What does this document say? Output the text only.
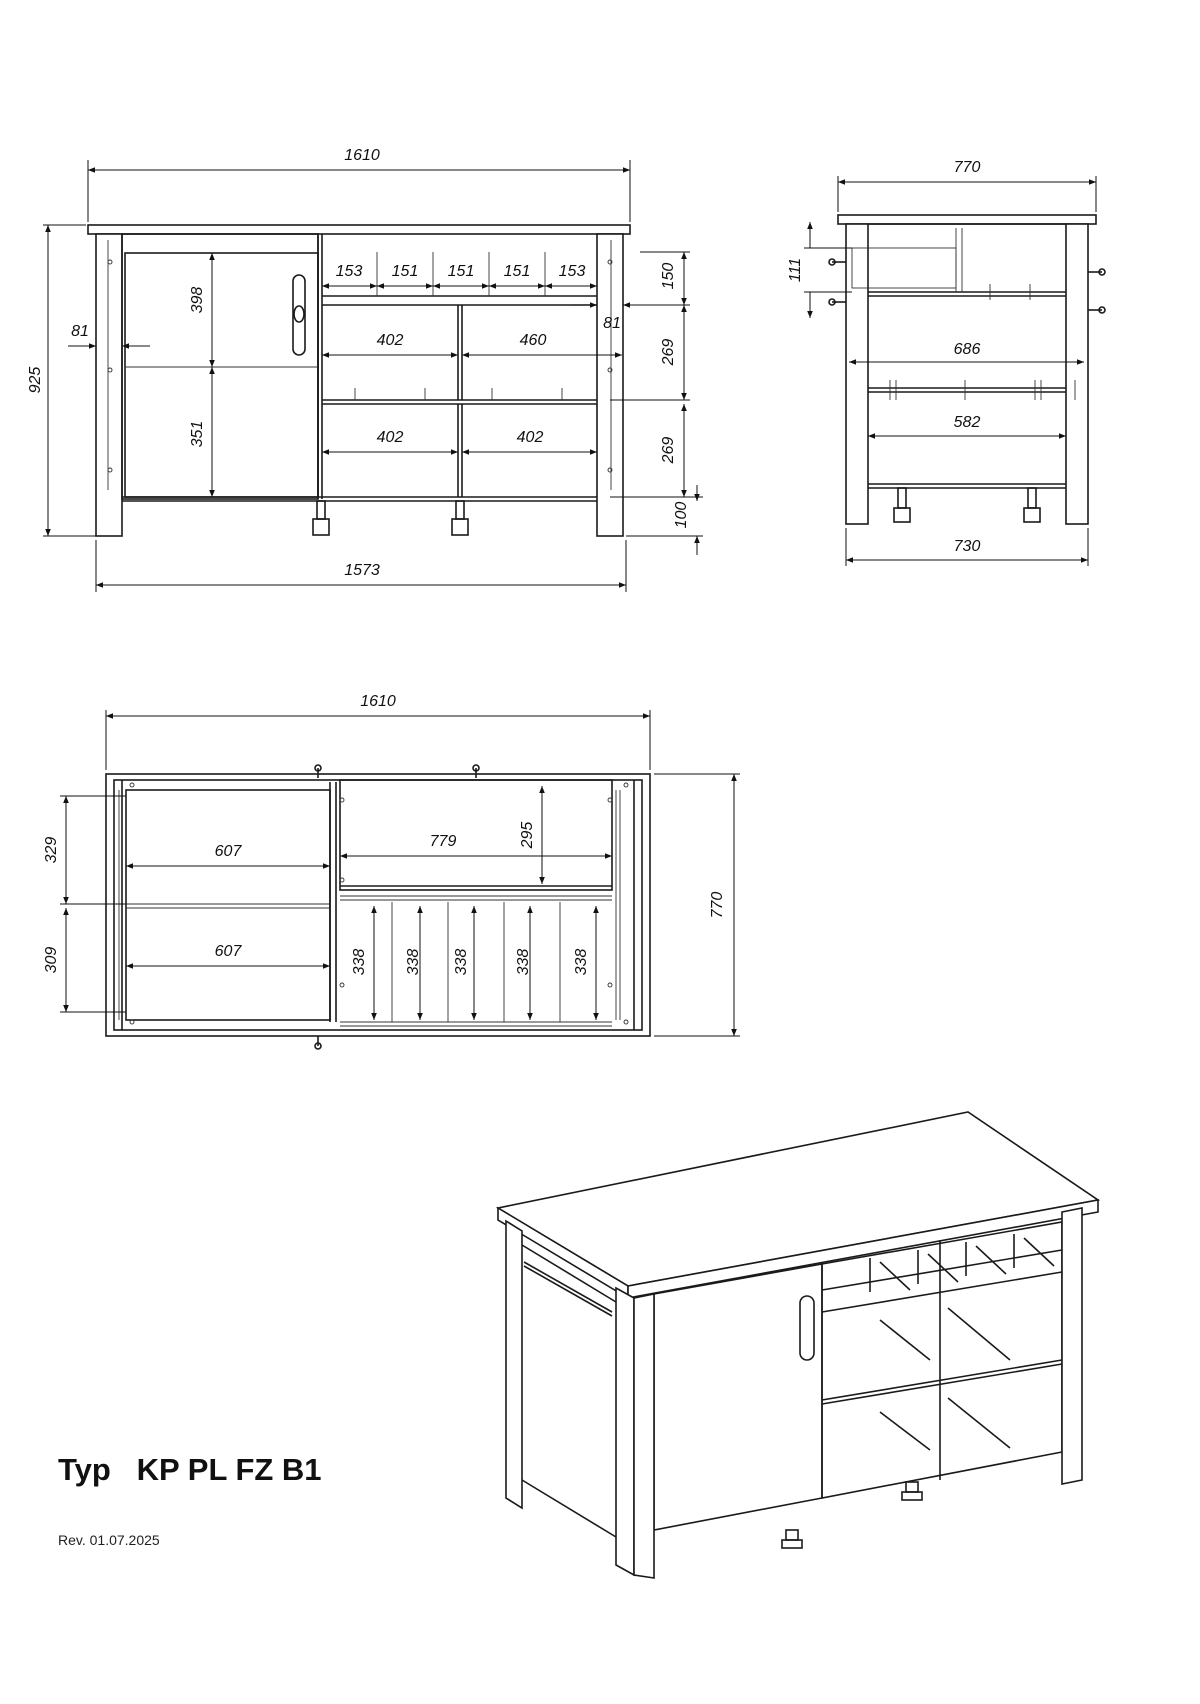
1610
1573
925
398
351
81
153 151 151 151 153	150
81
402	460
402	402
269
269
100
770
111
686
582
730
1610
770
329
309
607
607
779	295
338 338 338	338	338
Typ KP PL FZ B1
Rev. 01.07.2025
